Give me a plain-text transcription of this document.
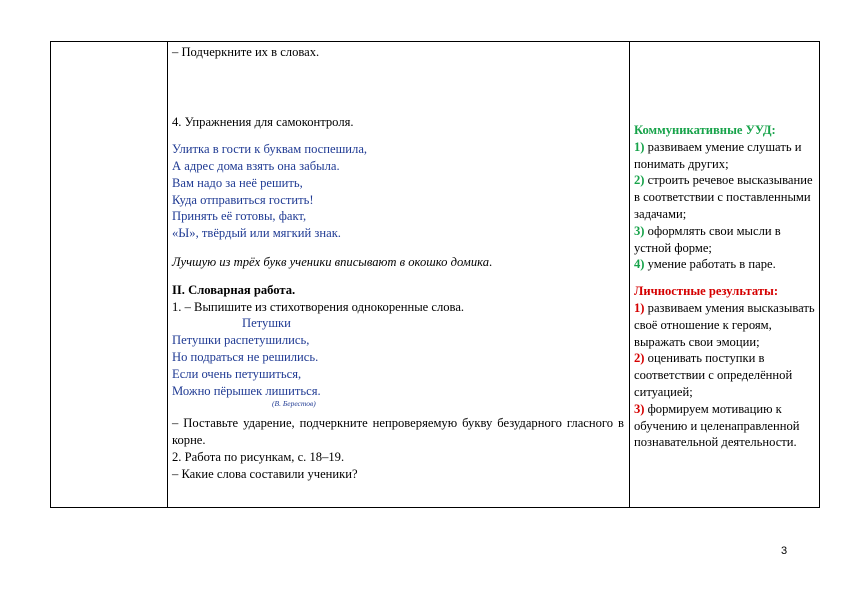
– Подчеркните их в словах.
4. Упражнения для самоконтроля.
Улитка в гости к буквам поспешила,
А адрес дома взять она забыла.
Вам надо за неё решить,
Куда отправиться гостить!
Принять её готовы, факт,
«Ы», твёрдый или мягкий знак.
Лучшую из трёх букв ученики вписывают в окошко домика.
II. Словарная работа.
1. – Выпишите из стихотворения однокоренные слова.
Петушки
Петушки распетушились,
Но подраться не решились.
Если очень петушиться,
Можно пёрышек лишиться.
(В. Берестов)
– Поставьте ударение, подчеркните непроверяемую букву безударного гласного в корне.
2. Работа по рисункам, с. 18–19.
– Какие слова составили ученики?
Коммуникативные УУД:
1) развиваем умение слушать и понимать других;
2) строить речевое высказывание в соответствии с поставленными задачами;
3) оформлять свои мысли в устной форме;
4) умение работать в паре.
Личностные результаты:
1) развиваем умения высказывать своё отношение к героям, выражать свои эмоции;
2) оценивать поступки в соответствии с определённой ситуацией;
3) формируем мотивацию к обучению и целенаправленной познавательной деятельности.
3
